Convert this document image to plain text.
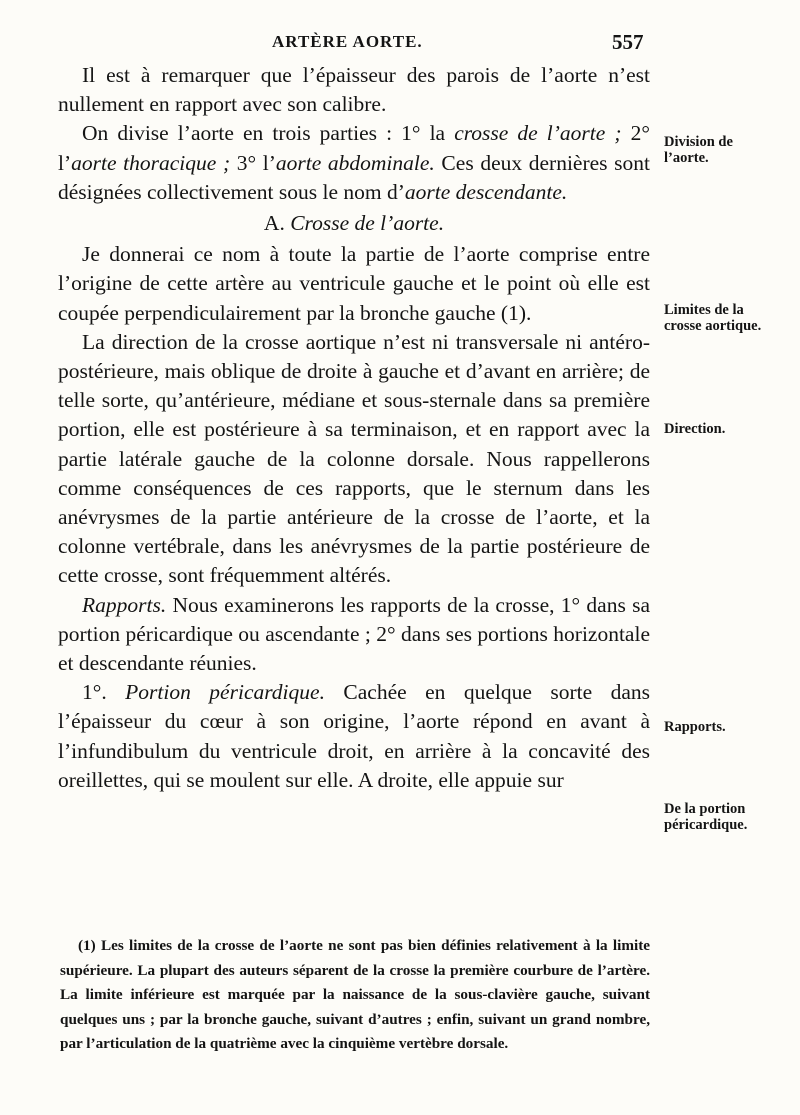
ARTÈRE AORTE.	557

Il est à remarquer que l’épaisseur des parois de l’aorte n’est nullement en rapport avec son calibre.

On divise l’aorte en trois parties : 1° la crosse de l’aorte ; 2° l’aorte thoracique ; 3° l’aorte abdominale. Ces deux dernières sont désignées collectivement sous le nom d’aorte descendante.

A. Crosse de l’aorte.

Je donnerai ce nom à toute la partie de l’aorte comprise entre l’origine de cette artère au ventricule gauche et le point où elle est coupée perpendiculairement par la bronche gauche (1).

La direction de la crosse aortique n’est ni transversale ni antéro-postérieure, mais oblique de droite à gauche et d’avant en arrière; de telle sorte, qu’antérieure, médiane et sous-sternale dans sa première portion, elle est postérieure à sa terminaison, et en rapport avec la partie latérale gauche de la colonne dorsale. Nous rappellerons comme conséquences de ces rapports, que le sternum dans les anévrysmes de la partie antérieure de la crosse de l’aorte, et la colonne vertébrale, dans les anévrysmes de la partie postérieure de cette crosse, sont fréquemment altérés.

Rapports. Nous examinerons les rapports de la crosse, 1° dans sa portion péricardique ou ascendante ; 2° dans ses portions horizontale et descendante réunies.

1°. Portion péricardique. Cachée en quelque sorte dans l’épaisseur du cœur à son origine, l’aorte répond en avant à l’infundibulum du ventricule droit, en arrière à la concavité des oreillettes, qui se moulent sur elle. A droite, elle appuie sur

Division de l’aorte.
Limites de la crosse aortique.
Direction.
Rapports.
De la portion péricardique.

(1) Les limites de la crosse de l’aorte ne sont pas bien définies relativement à la limite supérieure. La plupart des auteurs séparent de la crosse la première courbure de l’artère. La limite inférieure est marquée par la naissance de la sous-clavière gauche, suivant quelques uns ; par la bronche gauche, suivant d’autres ; enfin, suivant un grand nombre, par l’articulation de la quatrième avec la cinquième vertèbre dorsale.
